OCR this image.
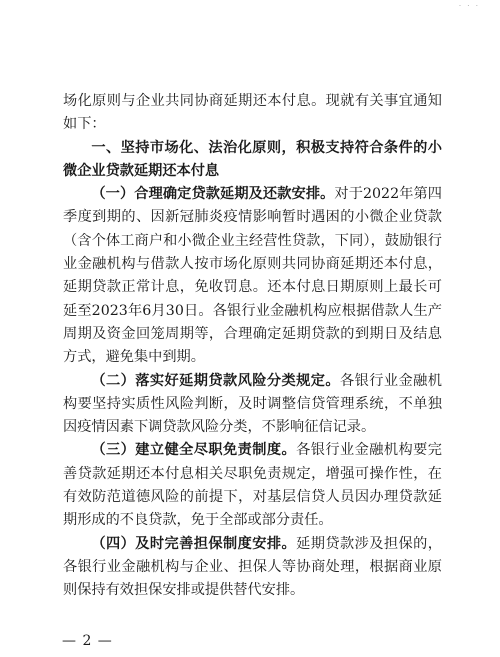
· · ·

场化原则与企业共同协商延期还本付息。现就有关事宜通知如下：

一、坚持市场化、法治化原则，积极支持符合条件的小微企业贷款延期还本付息

（一）合理确定贷款延期及还款安排。对于2022年第四季度到期的、因新冠肺炎疫情影响暂时遇困的小微企业贷款（含个体工商户和小微企业主经营性贷款，下同），鼓励银行业金融机构与借款人按市场化原则共同协商延期还本付息，延期贷款正常计息，免收罚息。还本付息日期原则上最长可延至2023年6月30日。各银行业金融机构应根据借款人生产周期及资金回笼周期等，合理确定延期贷款的到期日及结息方式，避免集中到期。

（二）落实好延期贷款风险分类规定。各银行业金融机构要坚持实质性风险判断，及时调整信贷管理系统，不单独因疫情因素下调贷款风险分类，不影响征信记录。

（三）建立健全尽职免责制度。各银行业金融机构要完善贷款延期还本付息相关尽职免责规定，增强可操作性，在有效防范道德风险的前提下，对基层信贷人员因办理贷款延期形成的不良贷款，免于全部或部分责任。

（四）及时完善担保制度安排。延期贷款涉及担保的，各银行业金融机构与企业、担保人等协商处理，根据商业原则保持有效担保安排或提供替代安排。

— 2 —
